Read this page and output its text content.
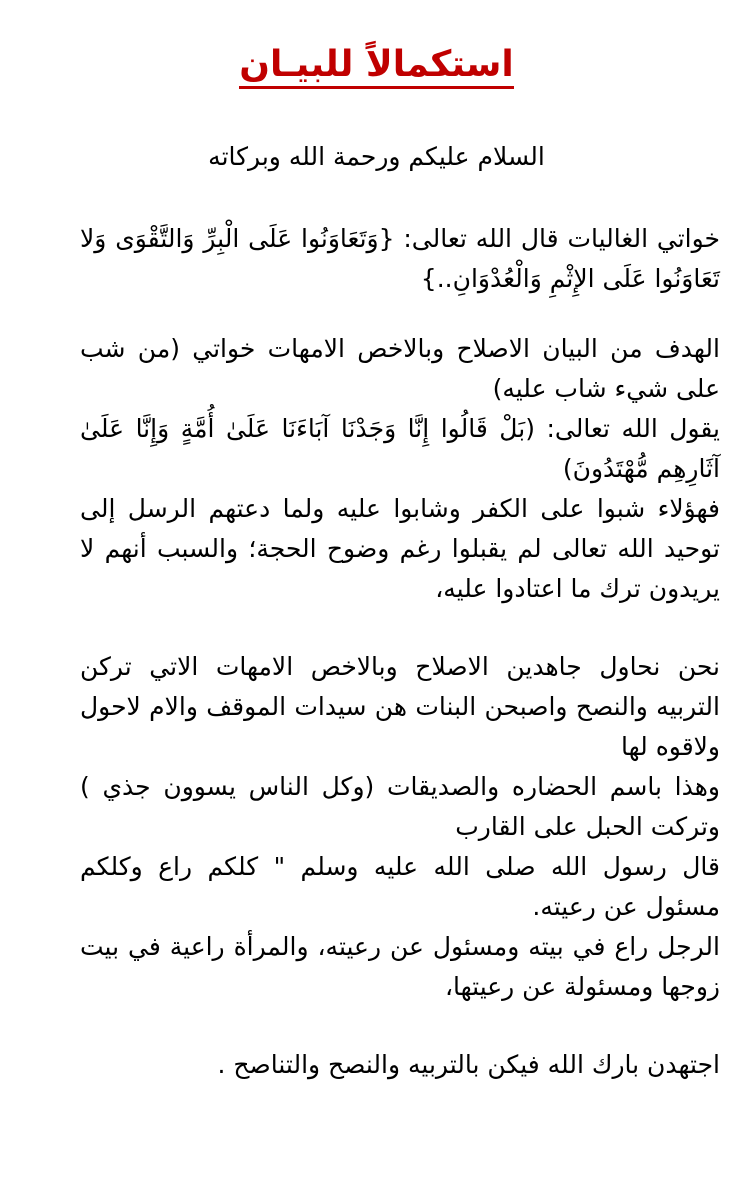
استكمالاً للبيـان
السلام عليكم ورحمة الله وبركاته

خواتي الغاليات قال الله تعالى: {وَتَعَاوَنُوا عَلَى الْبِرِّ وَالتَّقْوَى وَلا تَعَاوَنُوا عَلَى الإِثْمِ وَالْعُدْوَانِ..}

الهدف من البيان الاصلاح وبالاخص الامهات خواتي (من شب على شيء شاب عليه)

يقول الله تعالى: (بَلْ قَالُوا إِنَّا وَجَدْنَا آبَاءَنَا عَلَىٰ أُمَّةٍ وَإِنَّا عَلَىٰ آثَارِهِم مُّهْتَدُونَ)

فهؤلاء شبوا على الكفر وشابوا عليه ولما دعتهم الرسل إلى توحيد الله تعالى لم يقبلوا رغم وضوح الحجة؛ والسبب أنهم لا يريدون ترك ما اعتادوا عليه،

نحن نحاول جاهدين الاصلاح وبالاخص الامهات الاتي تركن التربيه والنصح واصبحن البنات هن سيدات الموقف والام لاحول ولاقوه لها

وهذا باسم الحضاره والصديقات (وكل الناس يسوون جذي ) وتركت الحبل على القارب

قال رسول الله صلى الله عليه وسلم " كلكم راع وكلكم مسئول عن رعيته.

الرجل راع في بيته ومسئول عن رعيته، والمرأة راعية في بيت زوجها ومسئولة عن رعيتها،

اجتهدن بارك الله فيكن بالتربيه والنصح والتناصح .
